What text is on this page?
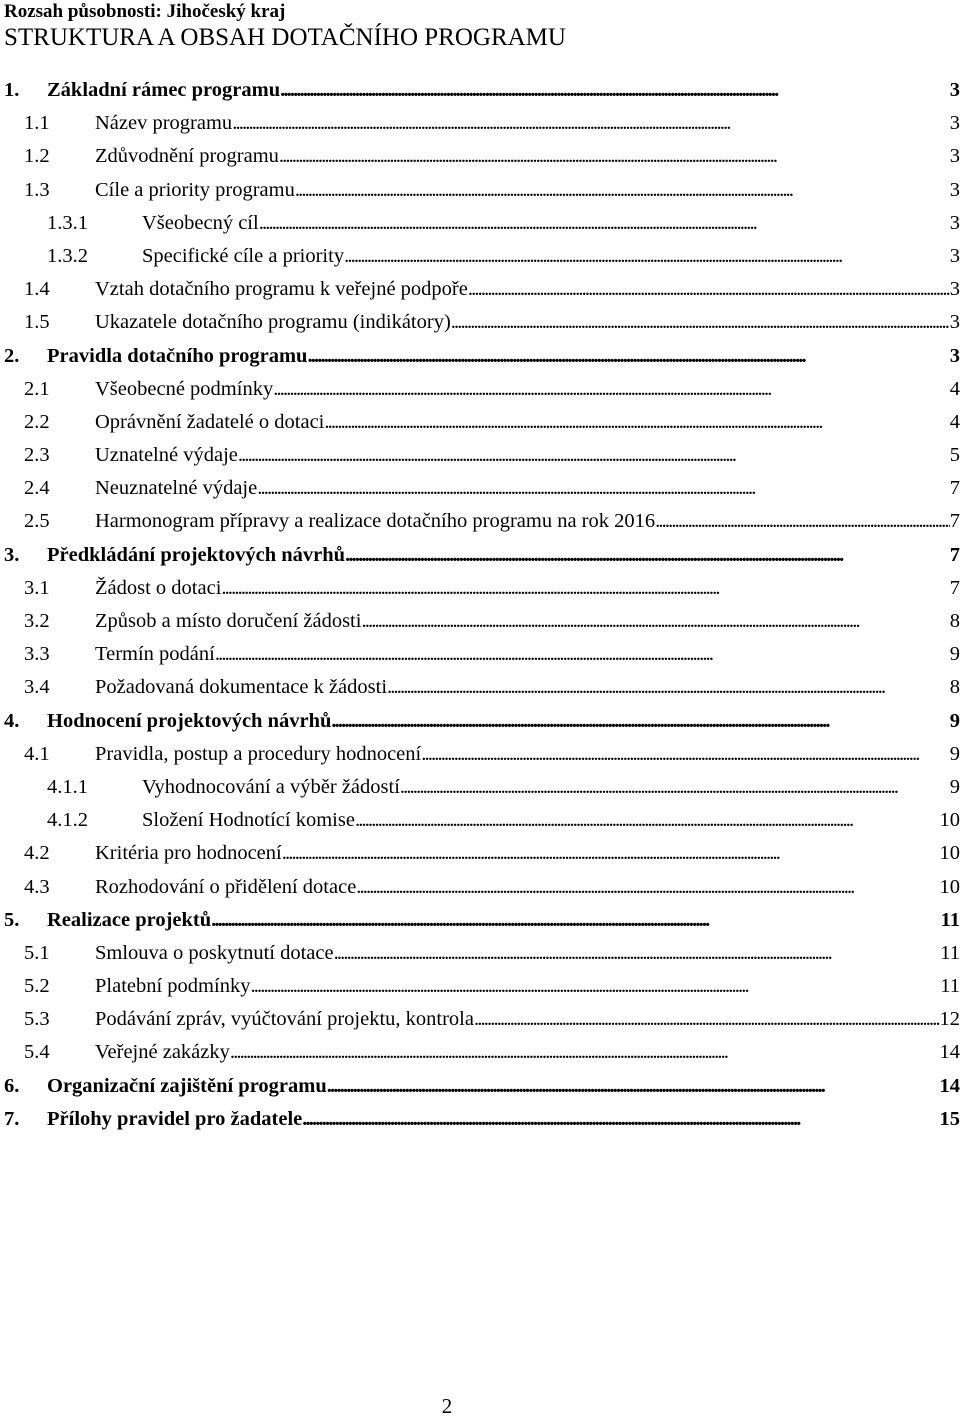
Rozsah působnosti: Jihočeský kraj
STRUKTURA A OBSAH DOTAČNÍHO PROGRAMU
1. Základní rámec programu . . .	3
1.1 Název programu . . .	3
1.2 Zdůvodnění programu . . .	3
1.3 Cíle a priority programu . . .	3
1.3.1	Všeobecný cíl . . .	3
1.3.2	Specifické cíle a priority . . .	3
1.4 Vztah dotačního programu k veřejné podpoře . . .	3
1.5 Ukazatele dotačního programu (indikátory) . . .	3
2. Pravidla dotačního programu . . .	3
2.1 Všeobecné podmínky . . .	4
2.2 Oprávnění žadatelé o dotaci . . .	4
2.3 Uznatelné výdaje . . .	5
2.4 Neuznatelné výdaje . . .	7
2.5 Harmonogram přípravy a realizace dotačního programu na rok 2016 . . .	7
3. Předkládání projektových návrhů . . .	7
3.1 Žádost o dotaci . . .	7
3.2 Způsob a místo doručení žádosti . . .	8
3.3 Termín podání . . .	9
3.4 Požadovaná dokumentace k žádosti . . .	8
4. Hodnocení projektových návrhů . . .	9
4.1 Pravidla, postup a procedury hodnocení . . .	9
4.1.1	Vyhodnocování a výběr žádostí . . .	9
4.1.2	Složení Hodnotící komise . . .	10
4.2 Kritéria pro hodnocení . . .	10
4.3 Rozhodování o přidělení dotace . . .	10
5. Realizace projektů . . .	11
5.1 Smlouva o poskytnutí dotace . . .	11
5.2 Platební podmínky . . .	11
5.3 Podávání zpráv, vyúčtování projektu, kontrola . . .	12
5.4 Veřejné zakázky . . .	14
6. Organizační zajištění programu . . .	14
7. Přílohy pravidel pro žadatele . . .	15
2
